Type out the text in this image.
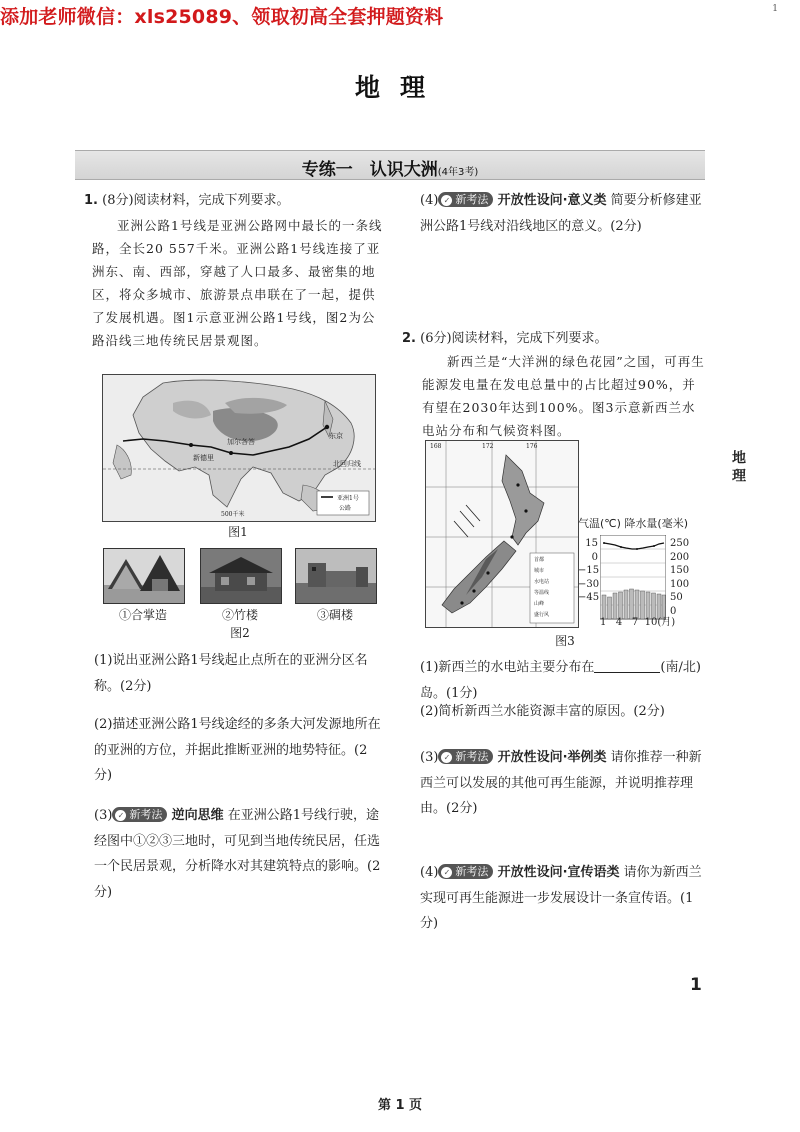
添加老师微信：xls25089、领取初高全套押题资料	1
地理
专练一　认识大洲(4年3考)
1. (8分)阅读材料，完成下列要求。
亚洲公路1号线是亚洲公路网中最长的一条线路，全长20 557千米。亚洲公路1号线连接了亚洲东、南、西部，穿越了人口最多、最密集的地区，将众多城市、旅游景点串联在了一起，提供了发展机遇。图1示意亚洲公路1号线，图2为公路沿线三地传统民居景观图。
新德里
加尔各答
东京
北回归线
亚洲1号
公路
500千米
图1
①合掌造	②竹楼	③碉楼
图2
(1)说出亚洲公路1号线起止点所在的亚洲分区名称。(2分)
(2)描述亚洲公路1号线途经的多条大河发源地所在的亚洲的方位，并据此推断亚洲的地势特征。(2分)
(3) ✓ 新考法 逆向思维 在亚洲公路1号线行驶，途经图中①②③三地时，可见到当地传统民居，任选一个民居景观，分析降水对其建筑特点的影响。(2分)
(4) ✓ 新考法 开放性设问·意义类 简要分析修建亚洲公路1号线对沿线地区的意义。(2分)
2. (6分)阅读材料，完成下列要求。
新西兰是“大洋洲的绿色花园”之国，可再生能源发电量在发电总量中的占比超过90%，并有望在2030年达到100%。图3示意新西兰水电站分布和气候资料图。
168	172	176
首都
城市
水电站
等温线
山峰
盛行风
气温(℃) 降水量(毫米)
15
0
−15
−30
−45
250
200
150
100
50
0
1 4 7 10(月)
图3
(1)新西兰的水电站主要分布在	(南/北)岛。(1分)
(2)简析新西兰水能资源丰富的原因。(2分)
(3) ✓ 新考法 开放性设问·举例类 请你推荐一种新西兰可以发展的其他可再生能源，并说明推荐理由。(2分)
(4) ✓ 新考法 开放性设问·宣传语类 请你为新西兰实现可再生能源进一步发展设计一条宣传语。(1分)
地理
1
第 1 页
